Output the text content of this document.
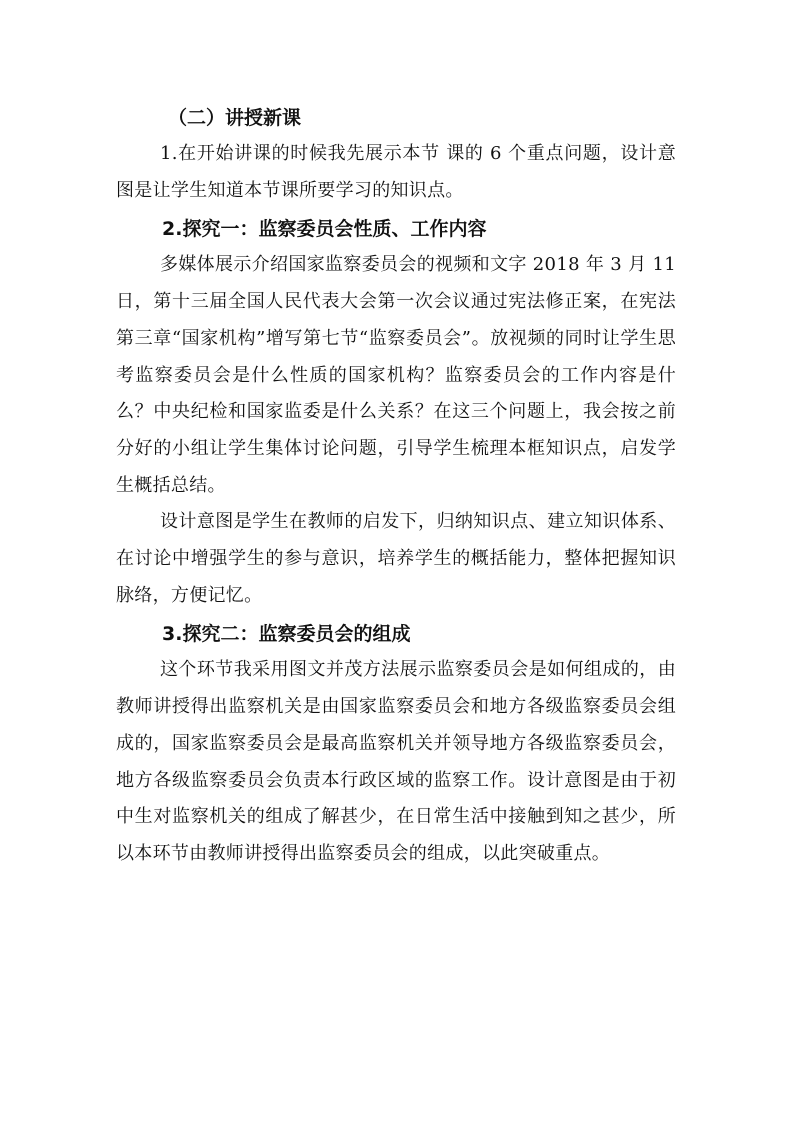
（二）讲授新课

1.在开始讲课的时候我先展示本节 课的 6 个重点问题，设计意图是让学生知道本节课所要学习的知识点。

2.探究一：监察委员会性质、工作内容

多媒体展示介绍国家监察委员会的视频和文字 2018 年 3 月 11 日，第十三届全国人民代表大会第一次会议通过宪法修正案，在宪法第三章“国家机构”增写第七节“监察委员会”。放视频的同时让学生思考监察委员会是什么性质的国家机构？监察委员会的工作内容是什么？中央纪检和国家监委是什么关系？在这三个问题上，我会按之前分好的小组让学生集体讨论问题，引导学生梳理本框知识点，启发学生概括总结。

设计意图是学生在教师的启发下，归纳知识点、建立知识体系、在讨论中增强学生的参与意识，培养学生的概括能力，整体把握知识脉络，方便记忆。

3.探究二：监察委员会的组成

这个环节我采用图文并茂方法展示监察委员会是如何组成的，由教师讲授得出监察机关是由国家监察委员会和地方各级监察委员会组成的，国家监察委员会是最高监察机关并领导地方各级监察委员会，地方各级监察委员会负责本行政区域的监察工作。设计意图是由于初中生对监察机关的组成了解甚少，在日常生活中接触到知之甚少，所以本环节由教师讲授得出监察委员会的组成，以此突破重点。
